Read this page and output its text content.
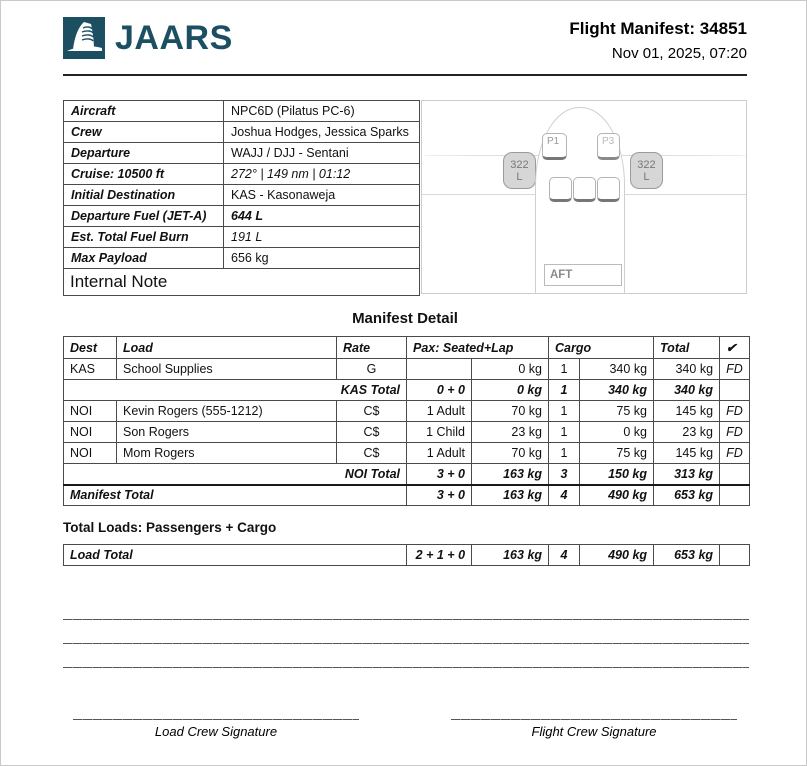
JAARS	Flight Manifest: 34851
Nov 01, 2025, 07:20
Aircraft	NPC6D (Pilatus PC-6)
Crew	Joshua Hodges, Jessica Sparks
Departure	WAJJ / DJJ - Sentani
Cruise: 10500 ft	272° | 149 nm | 01:12
Initial Destination	KAS - Kasonaweja
Departure Fuel (JET-A)	644 L
Est. Total Fuel Burn	191 L
Max Payload	656 kg
Internal Note	
322
L
322
L
P1	P3
AFT
Manifest Detail
Dest	Load	Rate	Pax: Seated+Lap		Cargo		Total	✔
KAS	School Supplies	G		0 kg	1	340 kg	340 kg	FD
KAS Total			0 + 0	0 kg	1	340 kg	340 kg	
NOI	Kevin Rogers (555-1212)	C$	1 Adult	70 kg	1	75 kg	145 kg	FD
NOI	Son Rogers	C$	1 Child	23 kg	1	0 kg	23 kg	FD
NOI	Mom Rogers	C$	1 Adult	70 kg	1	75 kg	145 kg	FD
NOI Total			3 + 0	163 kg	3	150 kg	313 kg	
Manifest Total			3 + 0	163 kg	4	490 kg	653 kg	
Total Loads: Passengers + Cargo
Load Total	2 + 1 + 0	163 kg	4	490 kg	653 kg	
Load Crew Signature	Flight Crew Signature
